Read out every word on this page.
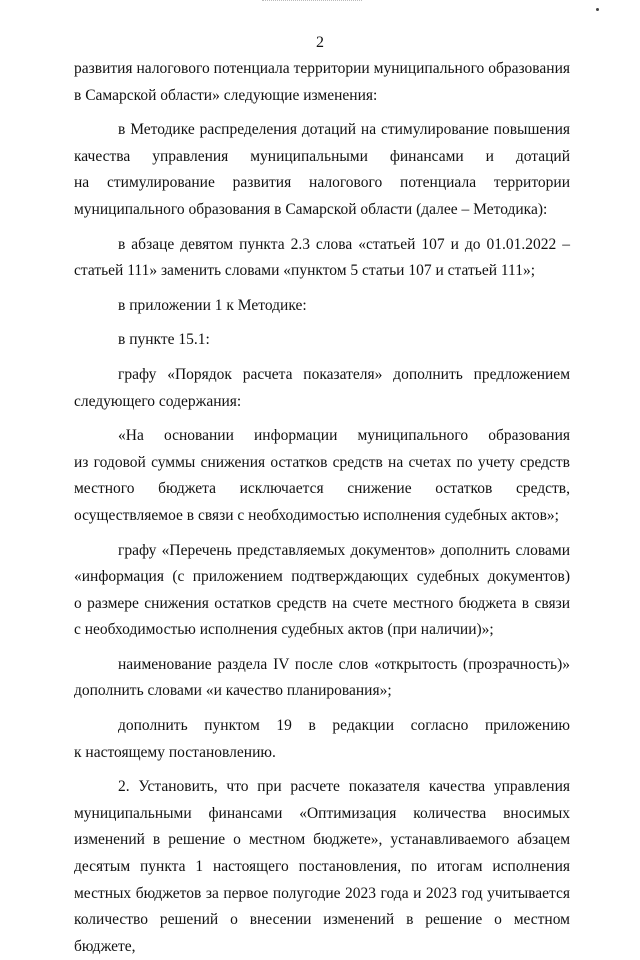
2
развития налогового потенциала территории муниципального образования
в Самарской области» следующие изменения:
в Методике распределения дотаций на стимулирование повышения
качества управления муниципальными финансами и дотаций
на стимулирование развития налогового потенциала территории
муниципального образования в Самарской области (далее – Методика):
в абзаце девятом пункта 2.3 слова «статьей 107 и до 01.01.2022 –
статьей 111» заменить словами «пунктом 5 статьи 107 и статьей 111»;
в приложении 1 к Методике:
в пункте 15.1:
графу «Порядок расчета показателя» дополнить предложением
следующего содержания:
«На основании информации муниципального образования
из годовой суммы снижения остатков средств на счетах по учету средств
местного бюджета исключается снижение остатков средств,
осуществляемое в связи с необходимостью исполнения судебных актов»;
графу «Перечень представляемых документов» дополнить словами
«информация (с приложением подтверждающих судебных документов)
о размере снижения остатков средств на счете местного бюджета в связи
с необходимостью исполнения судебных актов (при наличии)»;
наименование раздела IV после слов «открытость (прозрачность)»
дополнить словами «и качество планирования»;
дополнить пунктом 19 в редакции согласно приложению
к настоящему постановлению.
2. Установить, что при расчете показателя качества управления
муниципальными финансами «Оптимизация количества вносимых
изменений в решение о местном бюджете», устанавливаемого абзацем
десятым пункта 1 настоящего постановления, по итогам исполнения
местных бюджетов за первое полугодие 2023 года и 2023 год учитывается
количество решений о внесении изменений в решение о местном бюджете,
